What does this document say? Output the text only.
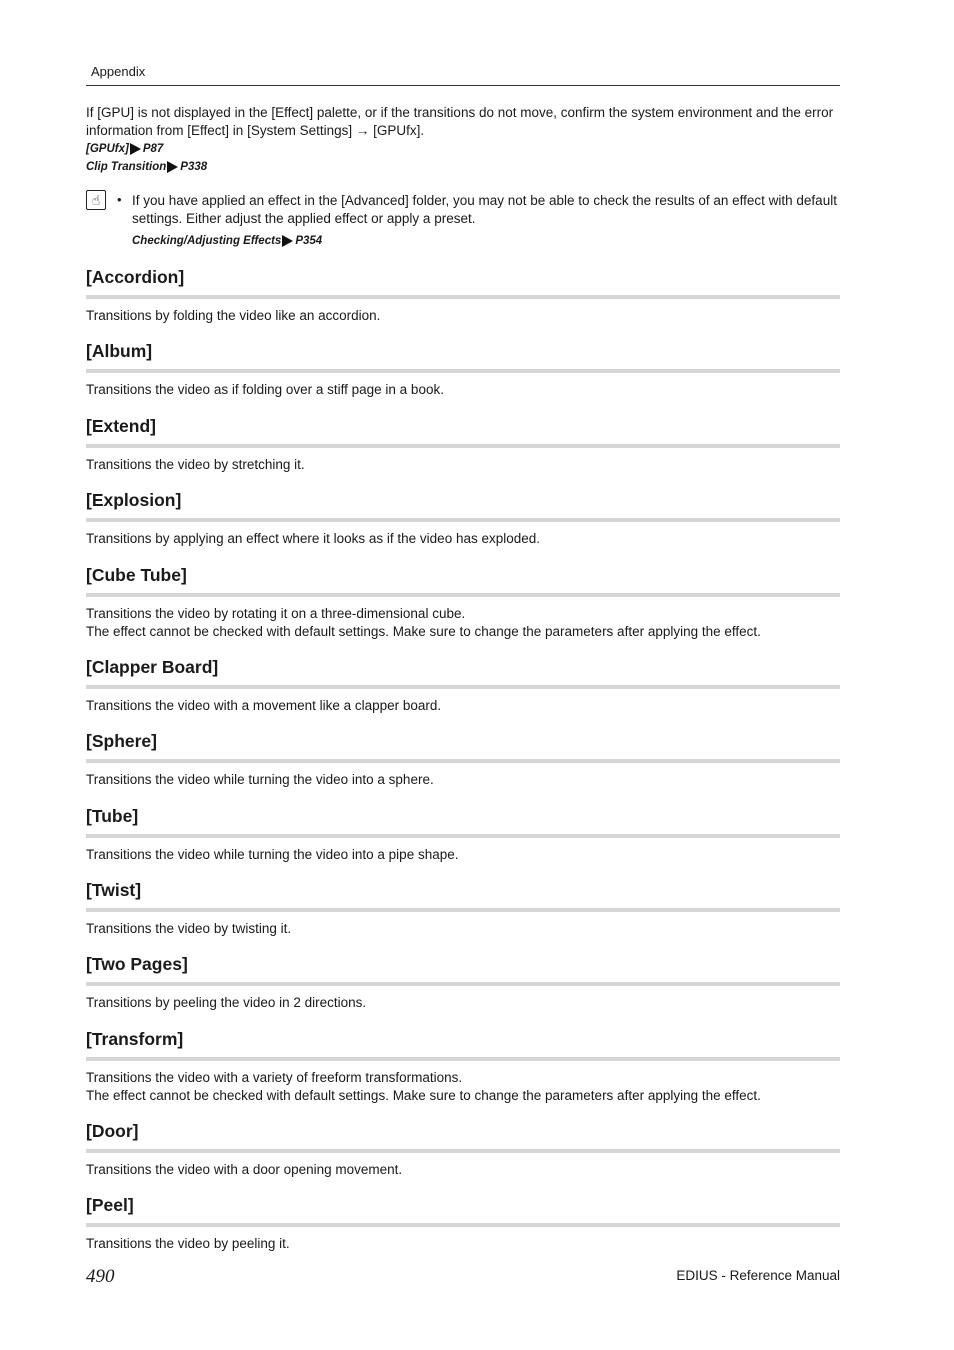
Appendix
If [GPU] is not displayed in the [Effect] palette, or if the transitions do not move, confirm the system environment and the error information from [Effect] in [System Settings] → [GPUfx].
[GPUfx] P87
Clip Transition P338
☝	• If you have applied an effect in the [Advanced] folder, you may not be able to check the results of an effect with default settings. Either adjust the applied effect or apply a preset.
Checking/Adjusting Effects P354
[Accordion]
Transitions by folding the video like an accordion.
[Album]
Transitions the video as if folding over a stiff page in a book.
[Extend]
Transitions the video by stretching it.
[Explosion]
Transitions by applying an effect where it looks as if the video has exploded.
[Cube Tube]
Transitions the video by rotating it on a three-dimensional cube.
The effect cannot be checked with default settings. Make sure to change the parameters after applying the effect.
[Clapper Board]
Transitions the video with a movement like a clapper board.
[Sphere]
Transitions the video while turning the video into a sphere.
[Tube]
Transitions the video while turning the video into a pipe shape.
[Twist]
Transitions the video by twisting it.
[Two Pages]
Transitions by peeling the video in 2 directions.
[Transform]
Transitions the video with a variety of freeform transformations.
The effect cannot be checked with default settings. Make sure to change the parameters after applying the effect.
[Door]
Transitions the video with a door opening movement.
[Peel]
Transitions the video by peeling it.
490	EDIUS - Reference Manual
